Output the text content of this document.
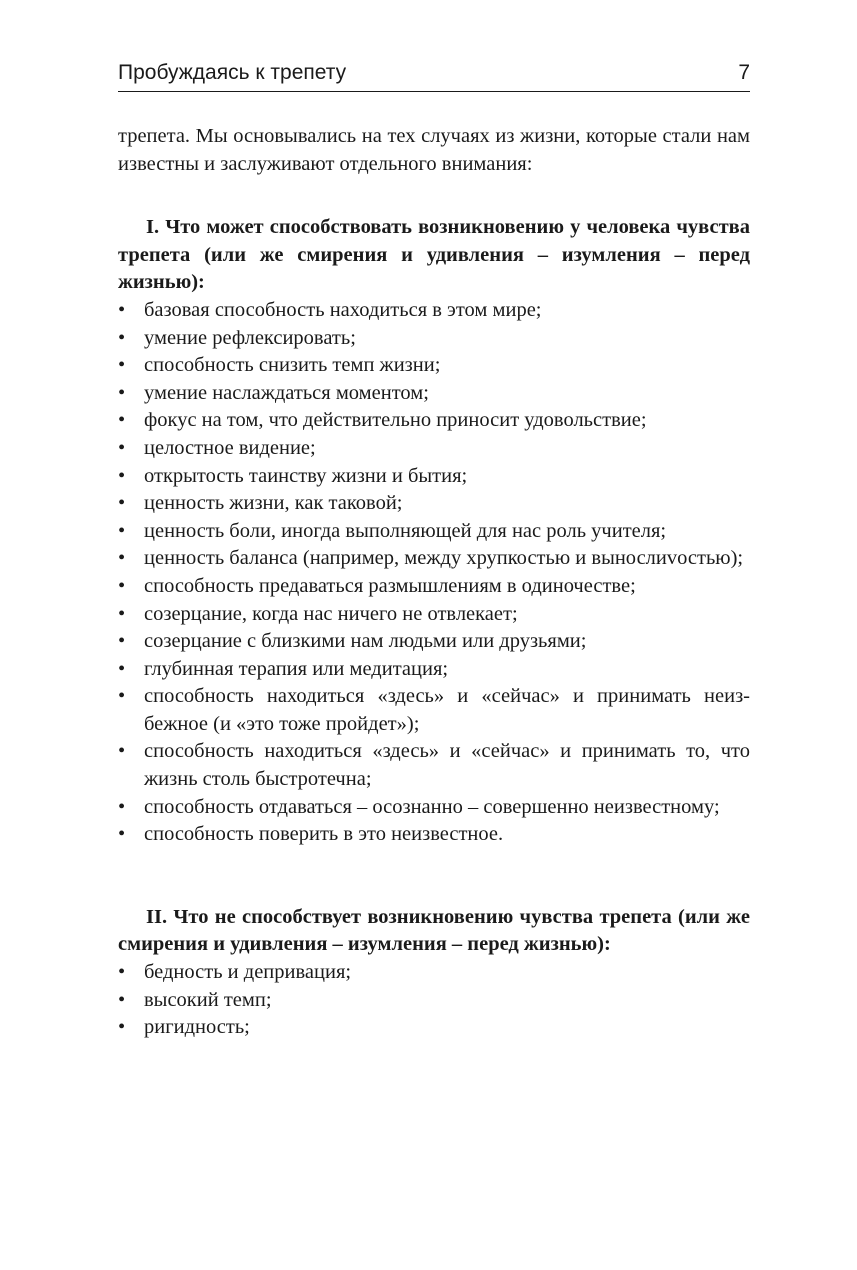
Пробуждаясь к трепету	7

трепета. Мы основывались на тех случаях из жизни, которые стали нам известны и заслуживают отдельного внимания:

I. Что может способствовать возникновению у человека чувства трепета (или же смирения и удивления – изумления – перед жизнью):

• базовая способность находиться в этом мире;
• умение рефлексировать;
• способность снизить темп жизни;
• умение наслаждаться моментом;
• фокус на том, что действительно приносит удовольствие;
• целостное видение;
• открытость таинству жизни и бытия;
• ценность жизни, как таковой;
• ценность боли, иногда выполняющей для нас роль учителя;
• ценность баланса (например, между хрупкостью и вынослиvостью);
• способность предаваться размышлениям в одиночестве;
• созерцание, когда нас ничего не отвлекает;
• созерцание с близкими нам людьми или друзьями;
• глубинная терапия или медитация;
• способность находиться «здесь» и «сейчас» и принимать неизбежное (и «это тоже пройдет»);
• способность находиться «здесь» и «сейчас» и принимать то, что жизнь столь быстротечна;
• способность отдаваться – осознанно – совершенно неизвестному;
• способность поверить в это неизвестное.

II. Что не способствует возникновению чувства трепета (или же смирения и удивления – изумления – перед жизнью):

• бедность и депривация;
• высокий темп;
• ригидность;
